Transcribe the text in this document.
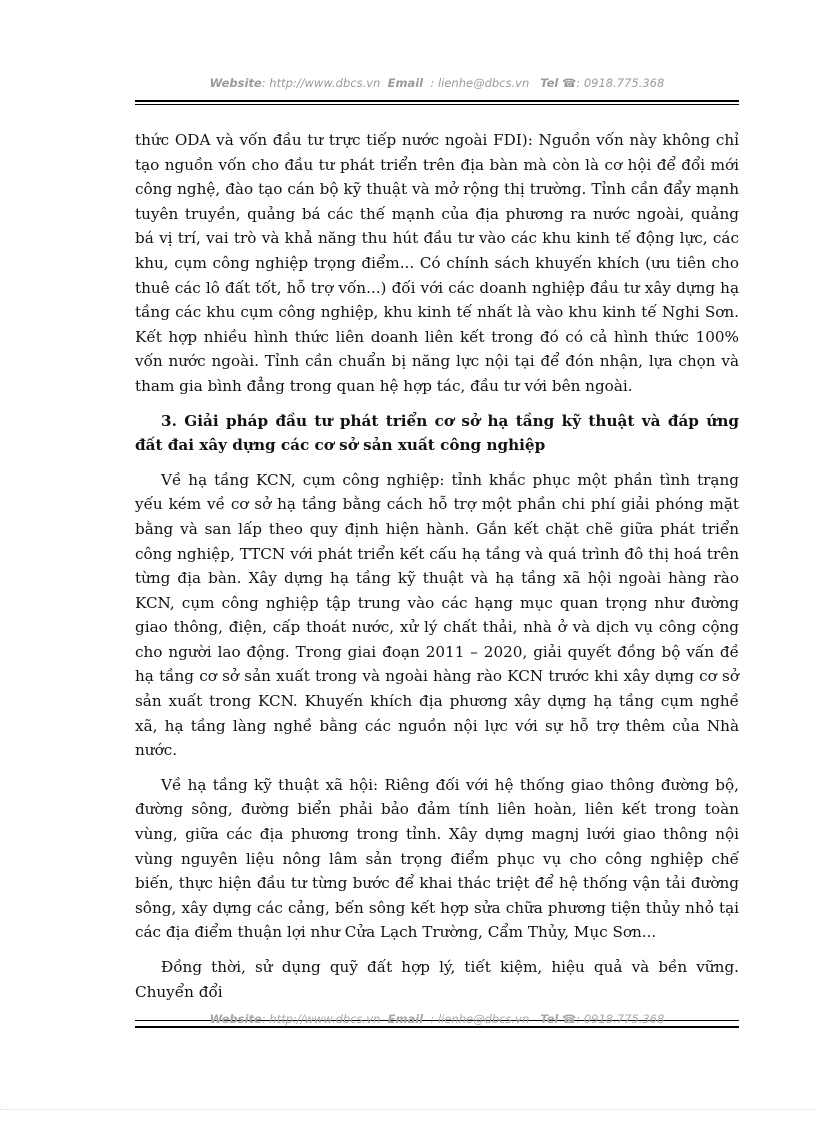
Website: http://www.dbcs.vn Email : lienhe@dbcs.vn Tel ☎: 0918.775.368

thức ODA và vốn đầu tư trực tiếp nước ngoài FDI): Nguồn vốn này không chỉ tạo nguồn vốn cho đầu tư phát triển trên địa bàn mà còn là cơ hội để đổi mới công nghệ, đào tạo cán bộ kỹ thuật và mở rộng thị trường. Tỉnh cần đẩy mạnh tuyên truyền, quảng bá các thế mạnh của địa phương ra nước ngoài, quảng bá vị trí, vai trò và khả năng thu hút đầu tư vào các khu kinh tế động lực, các khu, cụm công nghiệp trọng điểm... Có chính sách khuyến khích (ưu tiên cho thuê các lô đất tốt, hỗ trợ vốn...) đối với các doanh nghiệp đầu tư xây dựng hạ tầng các khu cụm công nghiệp, khu kinh tế nhất là vào khu kinh tế Nghi Sơn. Kết hợp nhiều hình thức liên doanh liên kết trong đó có cả hình thức 100% vốn nước ngoài. Tỉnh cần chuẩn bị năng lực nội tại để đón nhận, lựa chọn và tham gia bình đẳng trong quan hệ hợp tác, đầu tư với bên ngoài.

3. Giải pháp đầu tư phát triển cơ sở hạ tầng kỹ thuật và đáp ứng đất đai xây dựng các cơ sở sản xuất công nghiệp

Về hạ tầng KCN, cụm công nghiệp: tỉnh khắc phục một phần tình trạng yếu kém về cơ sở hạ tầng bằng cách hỗ trợ một phần chi phí giải phóng mặt bằng và san lấp theo quy định hiện hành. Gắn kết chặt chẽ giữa phát triển công nghiệp, TTCN với phát triển kết cấu hạ tầng và quá trình đô thị hoá trên từng địa bàn. Xây dựng hạ tầng kỹ thuật và hạ tầng xã hội ngoài hàng rào KCN, cụm công nghiệp tập trung vào các hạng mục quan trọng như đường giao thông, điện, cấp thoát nước, xử lý chất thải, nhà ở và dịch vụ công cộng cho người lao động. Trong giai đoạn 2011 – 2020, giải quyết đồng bộ vấn đề hạ tầng cơ sở sản xuất trong và ngoài hàng rào KCN trước khi xây dựng cơ sở sản xuất trong KCN. Khuyến khích địa phương xây dựng hạ tầng cụm nghề xã, hạ tầng làng nghề bằng các nguồn nội lực với sự hỗ trợ thêm của Nhà nước.

Về hạ tầng kỹ thuật xã hội: Riêng đối với hệ thống giao thông đường bộ, đường sông, đường biển phải bảo đảm tính liên hoàn, liên kết trong toàn vùng, giữa các địa phương trong tỉnh. Xây dựng magnj lưới giao thông nội vùng nguyên liệu nông lâm sản trọng điểm phục vụ cho công nghiệp chế biến, thực hiện đầu tư từng bước để khai thác triệt để hệ thống vận tải đường sông, xây dựng các cảng, bến sông kết hợp sửa chữa phương tiện thủy nhỏ tại các địa điểm thuận lợi như Cửa Lạch Trường, Cẩm Thủy, Mục Sơn...

Đồng thời, sử dụng quỹ đất hợp lý, tiết kiệm, hiệu quả và bền vững. Chuyển đổi

Website: http://www.dbcs.vn Email : lienhe@dbcs.vn Tel ☎: 0918.775.368
